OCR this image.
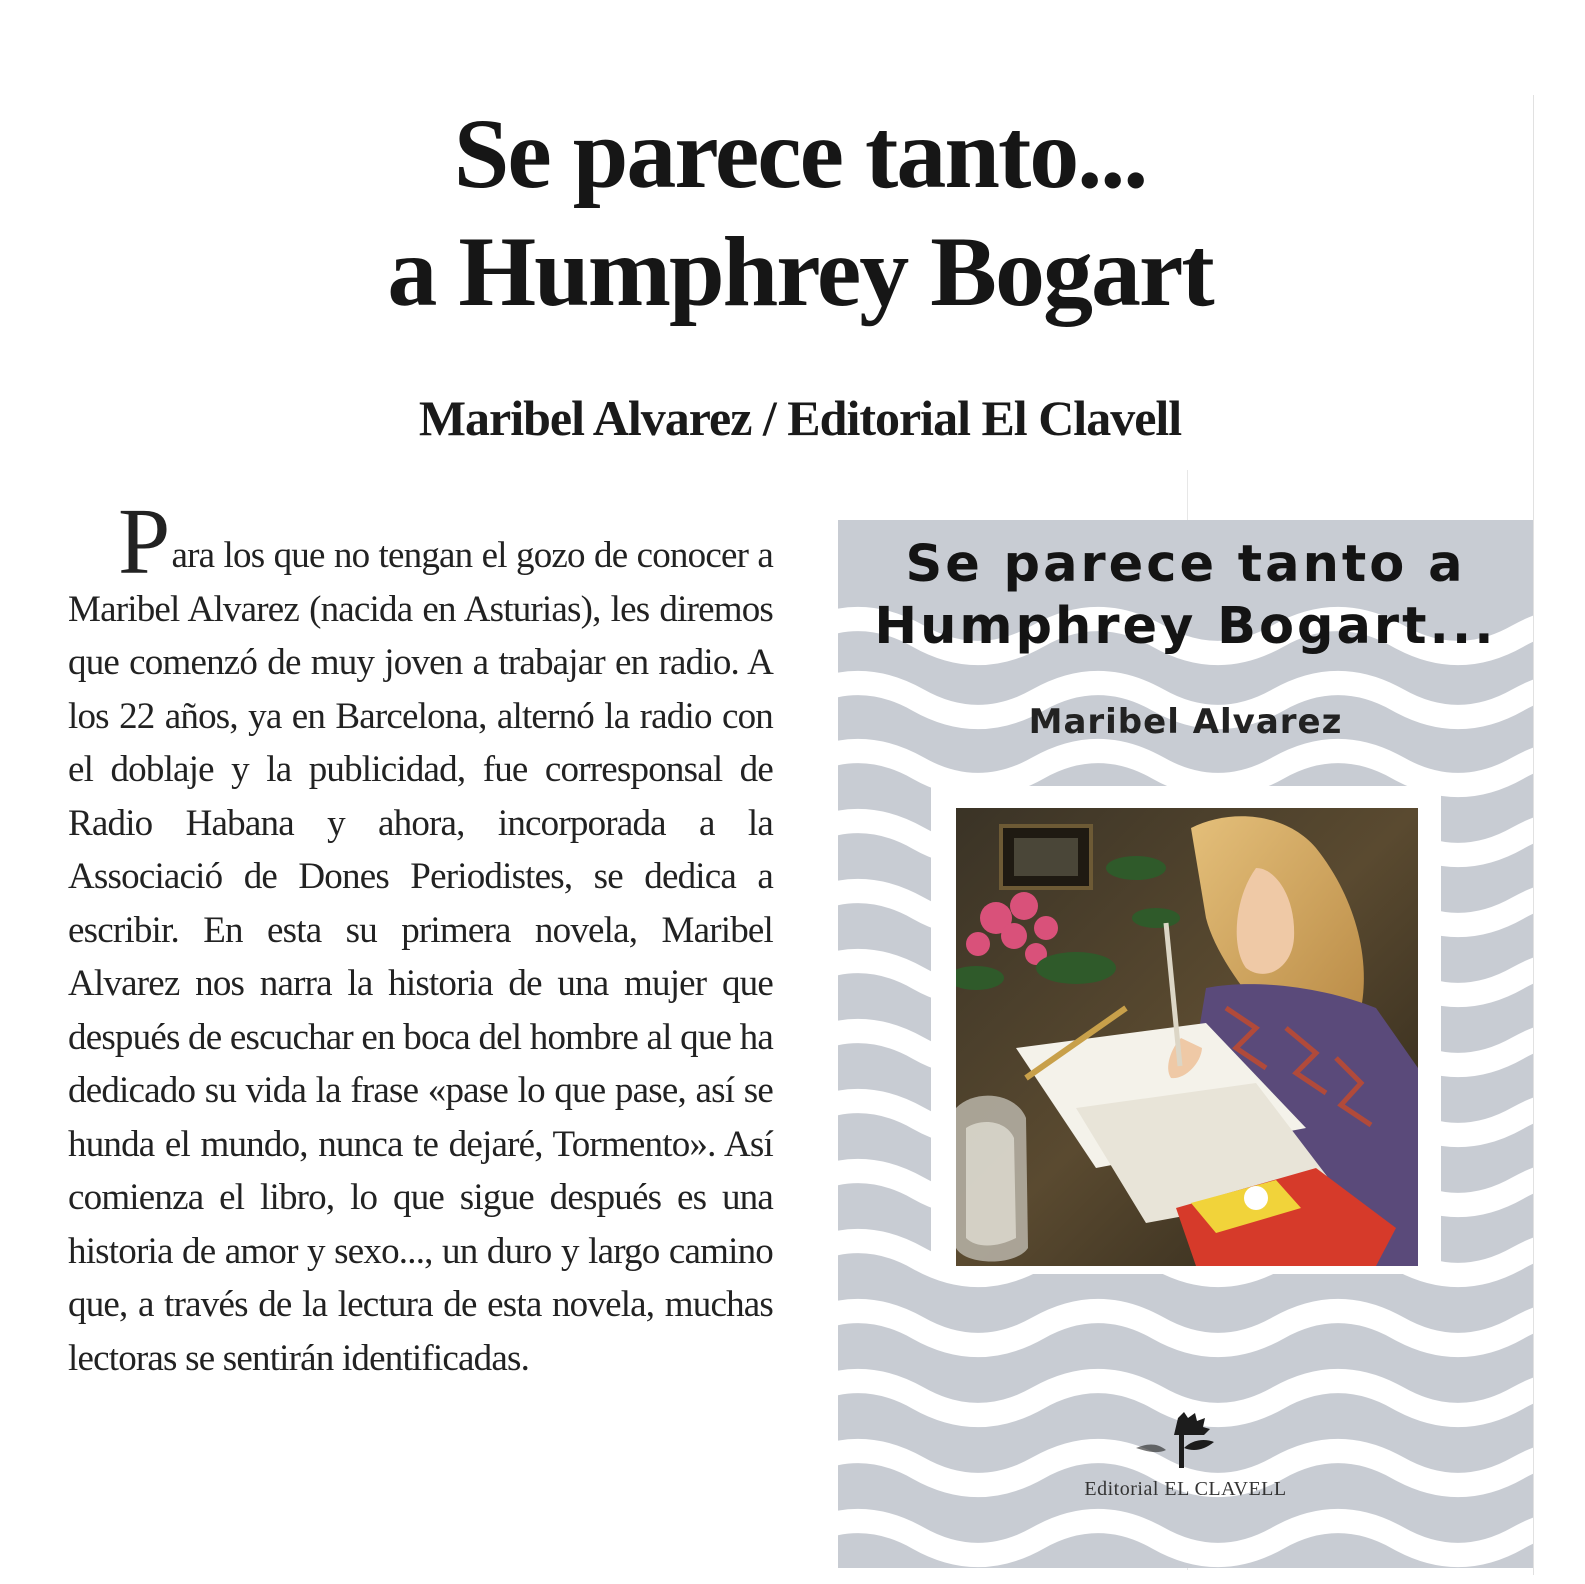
Se parece tanto...
a Humphrey Bogart
Maribel Alvarez / Editorial El Clavell

Para los que no tengan el gozo de conocer a Maribel Alvarez (nacida en Asturias), les diremos que comenzó de muy joven a trabajar en radio. A los 22 años, ya en Barcelona, alternó la radio con el doblaje y la publicidad, fue corresponsal de Radio Habana y ahora, incorporada a la Associació de Dones Periodistes, se dedica a escribir. En esta su primera novela, Maribel Alvarez nos narra la historia de una mujer que después de escuchar en boca del hombre al que ha dedicado su vida la frase «pase lo que pase, así se hunda el mundo, nunca te dejaré, Tormento». Así comienza el libro, lo que sigue después es una historia de amor y sexo..., un duro y largo camino que, a través de la lectura de esta novela, muchas lectoras se sentirán identificadas.

Se parece tanto a
Humphrey Bogart...
Maribel Alvarez
Editorial EL CLAVELL
